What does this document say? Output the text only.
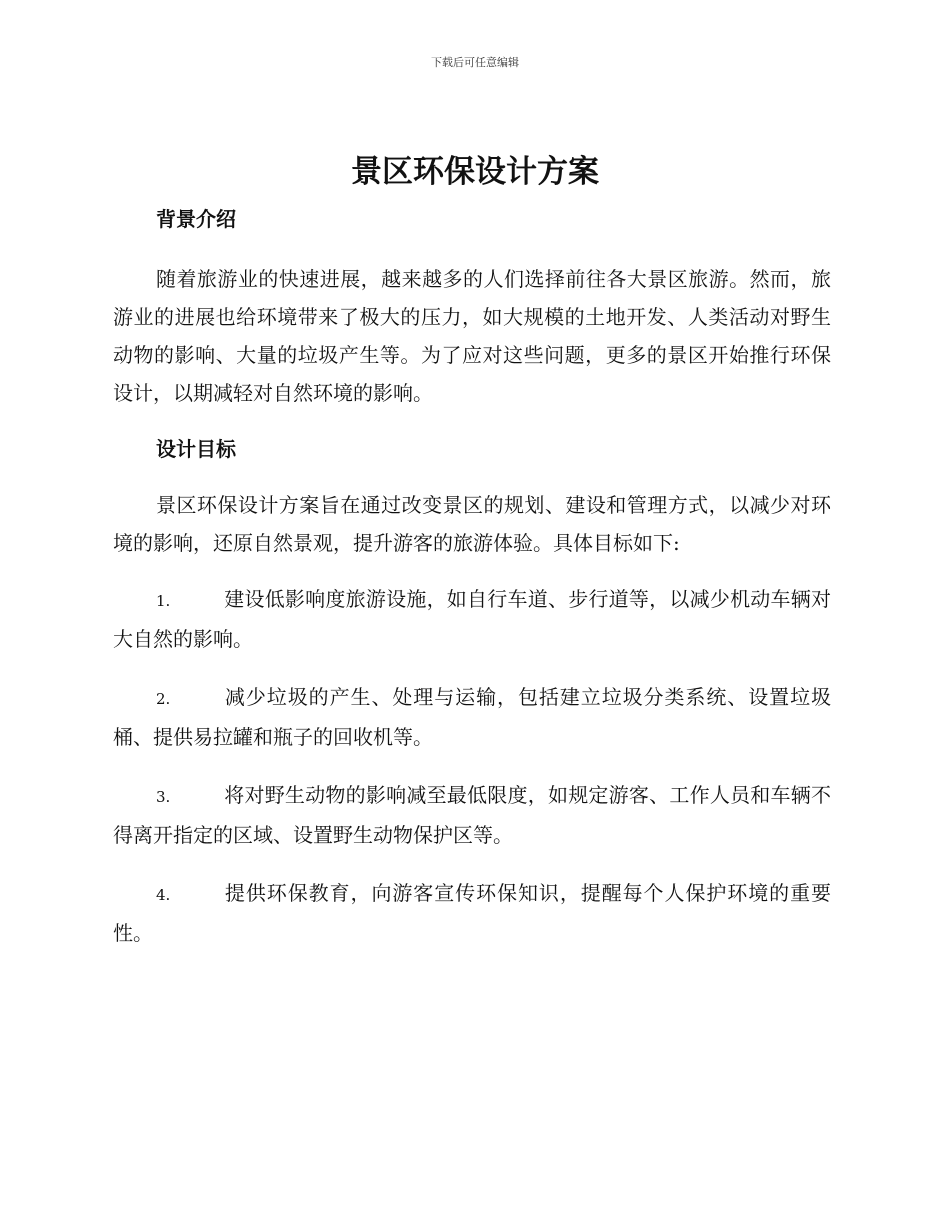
下载后可任意编辑
景区环保设计方案
背景介绍

随着旅游业的快速进展，越来越多的人们选择前往各大景区旅游。然而，旅游业的进展也给环境带来了极大的压力，如大规模的土地开发、人类活动对野生动物的影响、大量的垃圾产生等。为了应对这些问题，更多的景区开始推行环保设计，以期减轻对自然环境的影响。

设计目标

景区环保设计方案旨在通过改变景区的规划、建设和管理方式，以减少对环境的影响，还原自然景观，提升游客的旅游体验。具体目标如下:

1.	建设低影响度旅游设施，如自行车道、步行道等，以减少机动车辆对大自然的影响。

2.	减少垃圾的产生、处理与运输，包括建立垃圾分类系统、设置垃圾桶、提供易拉罐和瓶子的回收机等。

3.	将对野生动物的影响减至最低限度，如规定游客、工作人员和车辆不得离开指定的区域、设置野生动物保护区等。

4.	提供环保教育，向游客宣传环保知识，提醒每个人保护环境的重要性。
